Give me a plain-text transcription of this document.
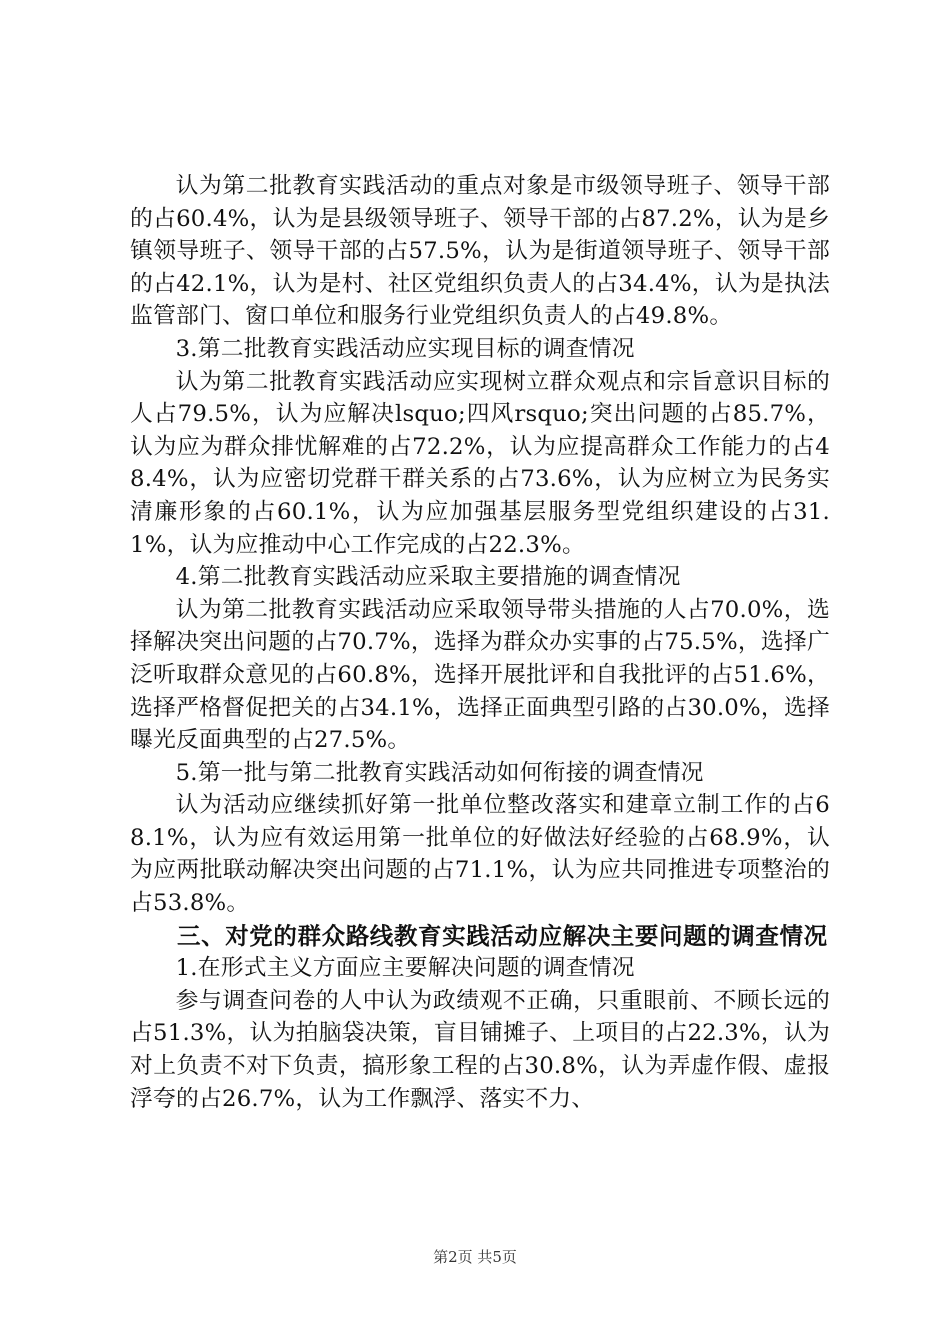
认为第二批教育实践活动的重点对象是市级领导班子、领导干部的占60.4%，认为是县级领导班子、领导干部的占87.2%，认为是乡镇领导班子、领导干部的占57.5%，认为是街道领导班子、领导干部的占42.1%，认为是村、社区党组织负责人的占34.4%，认为是执法监管部门、窗口单位和服务行业党组织负责人的占49.8%。

3.第二批教育实践活动应实现目标的调查情况

认为第二批教育实践活动应实现树立群众观点和宗旨意识目标的人占79.5%，认为应解决lsquo;四风rsquo;突出问题的占85.7%，认为应为群众排忧解难的占72.2%，认为应提高群众工作能力的占48.4%，认为应密切党群干群关系的占73.6%，认为应树立为民务实清廉形象的占60.1%，认为应加强基层服务型党组织建设的占31.1%，认为应推动中心工作完成的占22.3%。

4.第二批教育实践活动应采取主要措施的调查情况

认为第二批教育实践活动应采取领导带头措施的人占70.0%，选择解决突出问题的占70.7%，选择为群众办实事的占75.5%，选择广泛听取群众意见的占60.8%，选择开展批评和自我批评的占51.6%，选择严格督促把关的占34.1%，选择正面典型引路的占30.0%，选择曝光反面典型的占27.5%。

5.第一批与第二批教育实践活动如何衔接的调查情况

认为活动应继续抓好第一批单位整改落实和建章立制工作的占68.1%，认为应有效运用第一批单位的好做法好经验的占68.9%，认为应两批联动解决突出问题的占71.1%，认为应共同推进专项整治的占53.8%。

三、对党的群众路线教育实践活动应解决主要问题的调查情况

1.在形式主义方面应主要解决问题的调查情况

参与调查问卷的人中认为政绩观不正确，只重眼前、不顾长远的占51.3%，认为拍脑袋决策，盲目铺摊子、上项目的占22.3%，认为对上负责不对下负责，搞形象工程的占30.8%，认为弄虚作假、虚报浮夸的占26.7%，认为工作飘浮、落实不力、

第2页 共5页
